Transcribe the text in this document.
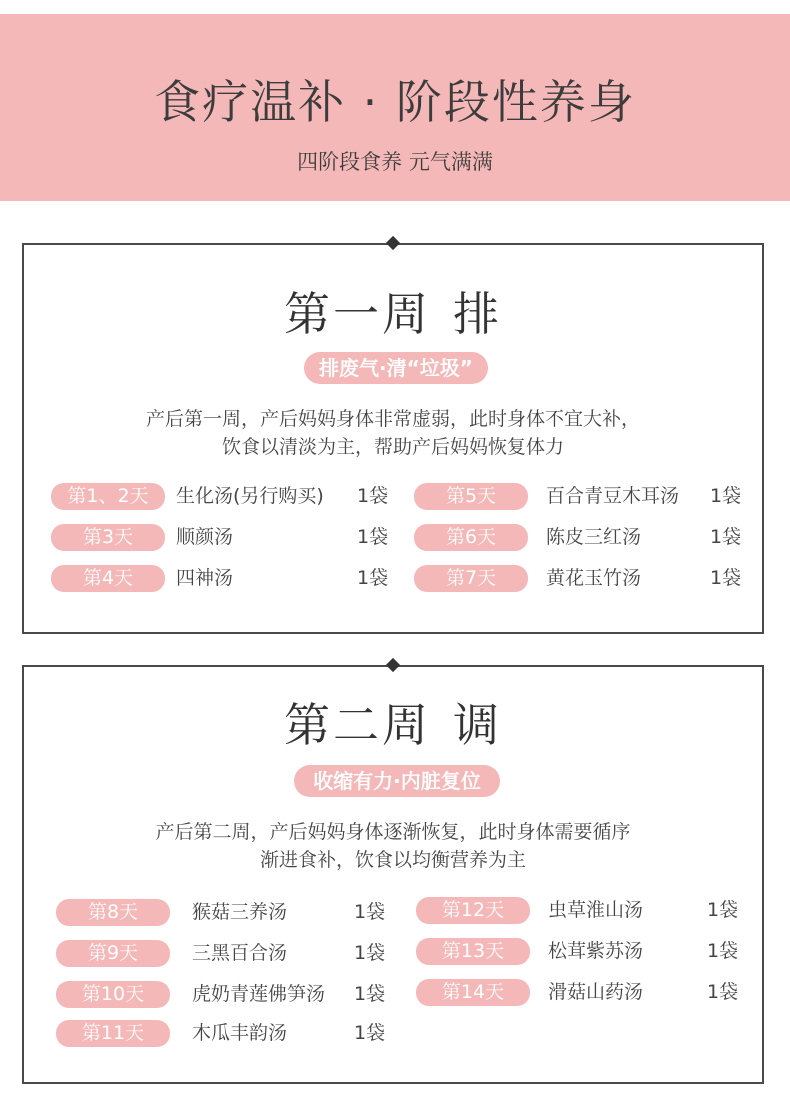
食疗温补 · 阶段性养身
四阶段食养 元气满满
第一周 排
排废气·清“垃圾”
产后第一周，产后妈妈身体非常虚弱，此时身体不宜大补，
饮食以清淡为主，帮助产后妈妈恢复体力
第1、2天	生化汤(另行购买) 1袋
第3天	顺颜汤	1袋
第4天	四神汤	1袋
第5天	百合青豆木耳汤 1袋
第6天	陈皮三红汤	1袋
第7天	黄花玉竹汤	1袋
第二周 调
收缩有力·内脏复位
产后第二周，产后妈妈身体逐渐恢复，此时身体需要循序
渐进食补，饮食以均衡营养为主
第8天	猴菇三养汤	1袋
第9天	三黑百合汤	1袋
第10天	虎奶青莲佛笋汤 1袋
第11天	木瓜丰韵汤	1袋
第12天	虫草淮山汤	1袋
第13天	松茸紫苏汤	1袋
第14天	滑菇山药汤	1袋
